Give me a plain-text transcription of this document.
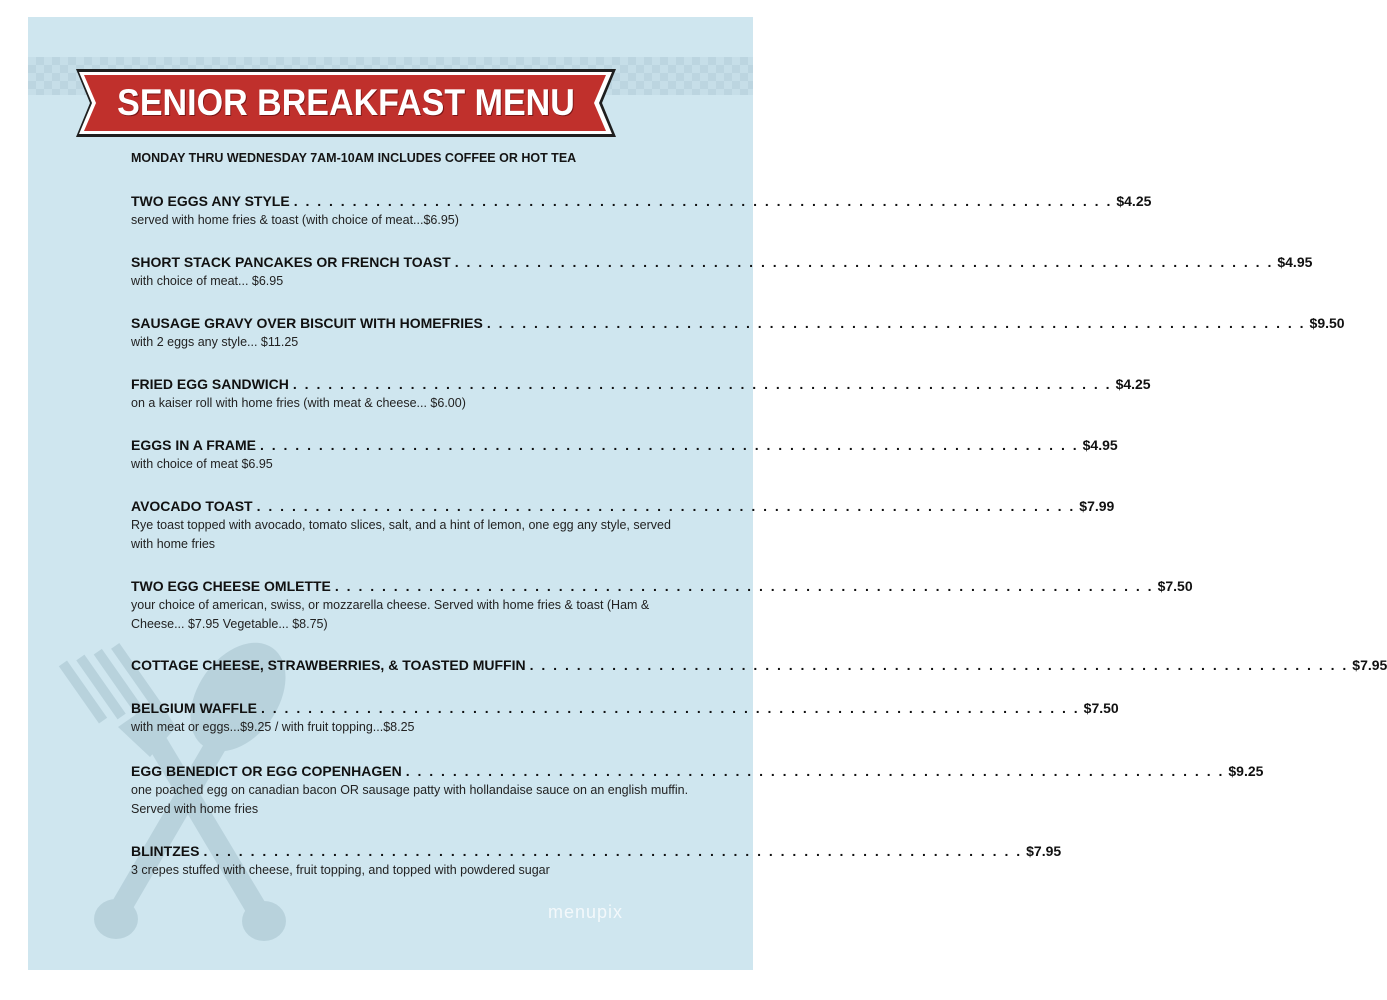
SENIOR BREAKFAST MENU
MONDAY THRU WEDNESDAY 7AM-10AM INCLUDES COFFEE OR HOT TEA
TWO EGGS ANY STYLE . . . . . . . . . . . . . . . . . . . . . . . . . . . . . . . . . . . . . . . . . . . . . . . . . . . . . . . . . . . . . . . . . . . . . . $4.25
served with home fries & toast (with choice of meat...$6.95)
SHORT STACK PANCAKES OR FRENCH TOAST . . . . . . . . . . . . . . . . . . . . . . . . . . . . . . . . . . . . . . . . . . . . . . . . . . . . . . . . . . . . . . . . . . . . . . $4.95
with choice of meat... $6.95
SAUSAGE GRAVY OVER BISCUIT WITH HOMEFRIES . . . . . . . . . . . . . . . . . . . . . . . . . . . . . . . . . . . . . . . . . . . . . . . . . . . . . . . . . . . . . . . . . . . . . . $9.50
with 2 eggs any style... $11.25
FRIED EGG SANDWICH . . . . . . . . . . . . . . . . . . . . . . . . . . . . . . . . . . . . . . . . . . . . . . . . . . . . . . . . . . . . . . . . . . . . . . $4.25
on a kaiser roll with home fries (with meat & cheese... $6.00)
EGGS IN A FRAME . . . . . . . . . . . . . . . . . . . . . . . . . . . . . . . . . . . . . . . . . . . . . . . . . . . . . . . . . . . . . . . . . . . . . . $4.95
with choice of meat $6.95
AVOCADO TOAST . . . . . . . . . . . . . . . . . . . . . . . . . . . . . . . . . . . . . . . . . . . . . . . . . . . . . . . . . . . . . . . . . . . . . . $7.99
Rye toast topped with avocado, tomato slices, salt, and a hint of lemon, one egg any style, served with home fries
TWO EGG CHEESE OMLETTE . . . . . . . . . . . . . . . . . . . . . . . . . . . . . . . . . . . . . . . . . . . . . . . . . . . . . . . . . . . . . . . . . . . . . . $7.50
your choice of american, swiss, or mozzarella cheese. Served with home fries & toast (Ham & Cheese... $7.95 Vegetable... $8.75)
COTTAGE CHEESE, STRAWBERRIES, & TOASTED MUFFIN . . . . . . . . . . . . . . . . . . . . . . . . . . . . . . . . . . . . . . . . . . . . . . . . . . . . . . . . . . . . . . . . . . . . . . $7.95
BELGIUM WAFFLE . . . . . . . . . . . . . . . . . . . . . . . . . . . . . . . . . . . . . . . . . . . . . . . . . . . . . . . . . . . . . . . . . . . . . . $7.50
with meat or eggs...$9.25 / with fruit topping...$8.25
EGG BENEDICT OR EGG COPENHAGEN . . . . . . . . . . . . . . . . . . . . . . . . . . . . . . . . . . . . . . . . . . . . . . . . . . . . . . . . . . . . . . . . . . . . . . $9.25
one poached egg on canadian bacon OR sausage patty with hollandaise sauce on an english muffin. Served with home fries
BLINTZES . . . . . . . . . . . . . . . . . . . . . . . . . . . . . . . . . . . . . . . . . . . . . . . . . . . . . . . . . . . . . . . . . . . . . . $7.95
3 crepes stuffed with cheese, fruit topping, and topped with powdered sugar
menupix
